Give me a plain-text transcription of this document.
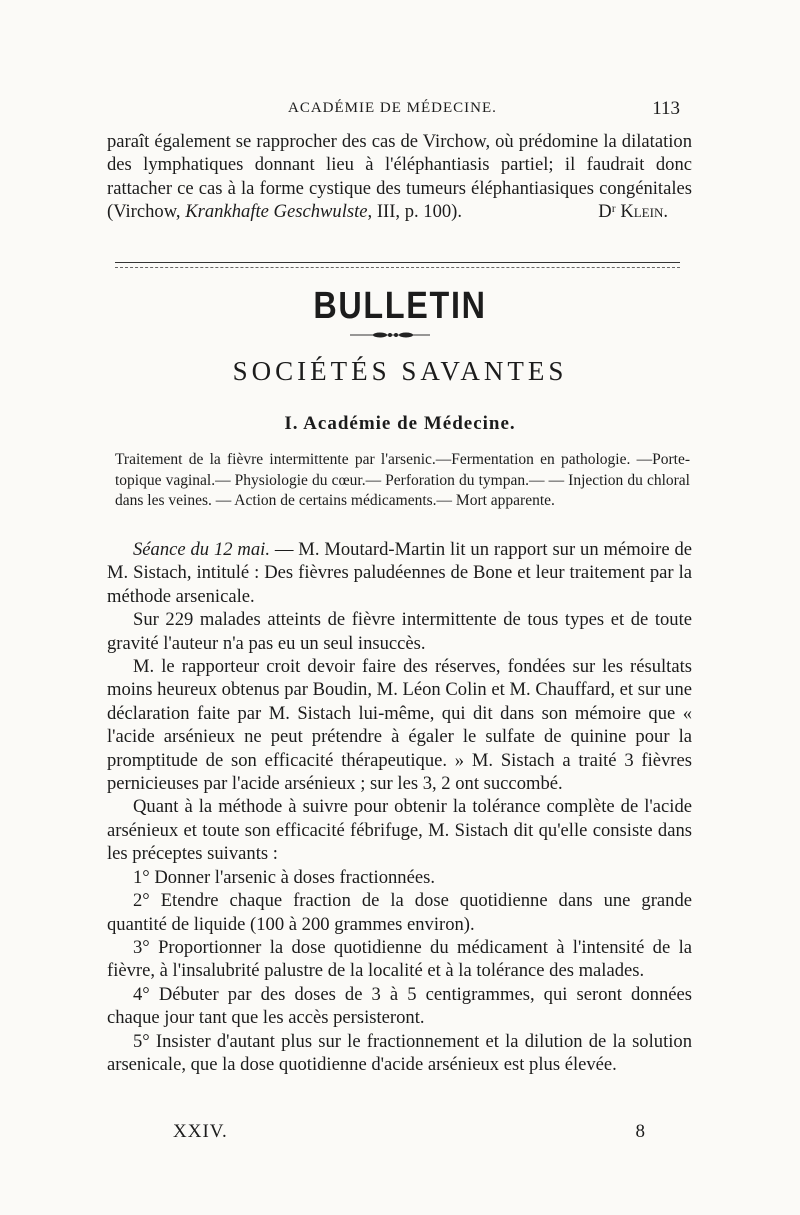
ACADÉMIE DE MÉDECINE.	113

paraît également se rapprocher des cas de Virchow, où prédomine la dilatation des lymphatiques donnant lieu à l'éléphantiasis partiel; il faudrait donc rattacher ce cas à la forme cystique des tumeurs éléphantiasiques congénitales (Virchow, Krankhafte Geschwulste, III, p. 100).	Dʳ Klein.

BULLETIN
SOCIÉTÉS SAVANTES
I. Académie de Médecine.

Traitement de la fièvre intermittente par l'arsenic.—Fermentation en pathologie. —Porte-topique vaginal.— Physiologie du cœur.— Perforation du tympan.— — Injection du chloral dans les veines. — Action de certains médicaments.— Mort apparente.

Séance du 12 mai. — M. Moutard-Martin lit un rapport sur un mémoire de M. Sistach, intitulé : Des fièvres paludéennes de Bone et leur traitement par la méthode arsenicale.

Sur 229 malades atteints de fièvre intermittente de tous types et de toute gravité l'auteur n'a pas eu un seul insuccès.

M. le rapporteur croit devoir faire des réserves, fondées sur les résultats moins heureux obtenus par Boudin, M. Léon Colin et M. Chauffard, et sur une déclaration faite par M. Sistach lui-même, qui dit dans son mémoire que « l'acide arsénieux ne peut prétendre à égaler le sulfate de quinine pour la promptitude de son efficacité thérapeutique. » M. Sistach a traité 3 fièvres pernicieuses par l'acide arsénieux ; sur les 3, 2 ont succombé.

Quant à la méthode à suivre pour obtenir la tolérance complète de l'acide arsénieux et toute son efficacité fébrifuge, M. Sistach dit qu'elle consiste dans les préceptes suivants :

1° Donner l'arsenic à doses fractionnées.

2° Etendre chaque fraction de la dose quotidienne dans une grande quantité de liquide (100 à 200 grammes environ).

3° Proportionner la dose quotidienne du médicament à l'intensité de la fièvre, à l'insalubrité palustre de la localité et à la tolérance des malades.

4° Débuter par des doses de 3 à 5 centigrammes, qui seront données chaque jour tant que les accès persisteront.

5° Insister d'autant plus sur le fractionnement et la dilution de la solution arsenicale, que la dose quotidienne d'acide arsénieux est plus élevée.

XXIV.	8
